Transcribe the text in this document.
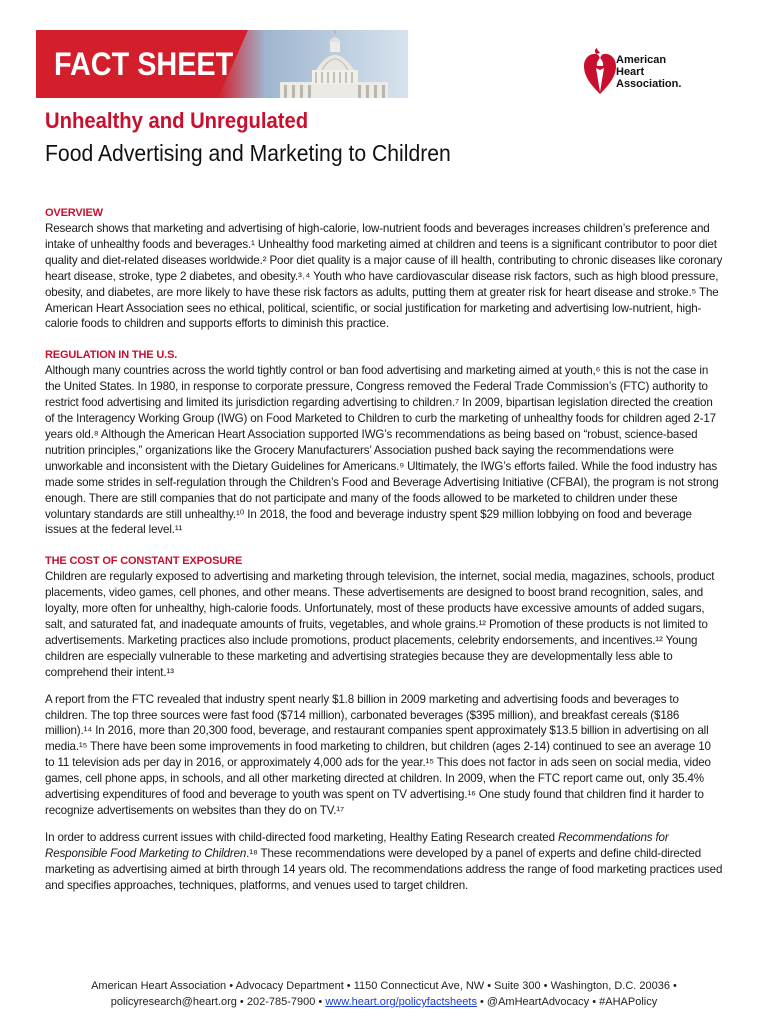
FACT SHEET	American
Heart
Association.
Unhealthy and Unregulated
Food Advertising and Marketing to Children
OVERVIEW

Research shows that marketing and advertising of high-calorie, low-nutrient foods and beverages increases children’s preference and intake of unhealthy foods and beverages.¹ Unhealthy food marketing aimed at children and teens is a significant contributor to poor diet quality and diet-related diseases worldwide.² Poor diet quality is a major cause of ill health, contributing to chronic diseases like coronary heart disease, stroke, type 2 diabetes, and obesity.³˒⁴ Youth who have cardiovascular disease risk factors, such as high blood pressure, obesity, and diabetes, are more likely to have these risk factors as adults, putting them at greater risk for heart disease and stroke.⁵ The American Heart Association sees no ethical, political, scientific, or social justification for marketing and advertising low-nutrient, high-calorie foods to children and supports efforts to diminish this practice.

REGULATION IN THE U.S.

Although many countries across the world tightly control or ban food advertising and marketing aimed at youth,⁶ this is not the case in the United States. In 1980, in response to corporate pressure, Congress removed the Federal Trade Commission’s (FTC) authority to restrict food advertising and limited its jurisdiction regarding advertising to children.⁷ In 2009, bipartisan legislation directed the creation of the Interagency Working Group (IWG) on Food Marketed to Children to curb the marketing of unhealthy foods for children aged 2-17 years old.⁸ Although the American Heart Association supported IWG’s recommendations as being based on “robust, science-based nutrition principles,” organizations like the Grocery Manufacturers’ Association pushed back saying the recommendations were unworkable and inconsistent with the Dietary Guidelines for Americans.⁹ Ultimately, the IWG’s efforts failed. While the food industry has made some strides in self-regulation through the Children’s Food and Beverage Advertising Initiative (CFBAI), the program is not strong enough. There are still companies that do not participate and many of the foods allowed to be marketed to children under these voluntary standards are still unhealthy.¹⁰ In 2018, the food and beverage industry spent $29 million lobbying on food and beverage issues at the federal level.¹¹

THE COST OF CONSTANT EXPOSURE

Children are regularly exposed to advertising and marketing through television, the internet, social media, magazines, schools, product placements, video games, cell phones, and other means. These advertisements are designed to boost brand recognition, sales, and loyalty, more often for unhealthy, high-calorie foods. Unfortunately, most of these products have excessive amounts of added sugars, salt, and saturated fat, and inadequate amounts of fruits, vegetables, and whole grains.¹² Promotion of these products is not limited to advertisements. Marketing practices also include promotions, product placements, celebrity endorsements, and incentives.¹² Young children are especially vulnerable to these marketing and advertising strategies because they are developmentally less able to comprehend their intent.¹³

A report from the FTC revealed that industry spent nearly $1.8 billion in 2009 marketing and advertising foods and beverages to children. The top three sources were fast food ($714 million), carbonated beverages ($395 million), and breakfast cereals ($186 million).¹⁴ In 2016, more than 20,300 food, beverage, and restaurant companies spent approximately $13.5 billion in advertising on all media.¹⁵ There have been some improvements in food marketing to children, but children (ages 2-14) continued to see an average 10 to 11 television ads per day in 2016, or approximately 4,000 ads for the year.¹⁵ This does not factor in ads seen on social media, video games, cell phone apps, in schools, and all other marketing directed at children. In 2009, when the FTC report came out, only 35.4% advertising expenditures of food and beverage to youth was spent on TV advertising.¹⁶ One study found that children find it harder to recognize advertisements on websites than they do on TV.¹⁷

In order to address current issues with child-directed food marketing, Healthy Eating Research created Recommendations for Responsible Food Marketing to Children.¹⁸ These recommendations were developed by a panel of experts and define child-directed marketing as advertising aimed at birth through 14 years old. The recommendations address the range of food marketing practices used and specifies approaches, techniques, platforms, and venues used to target children.

American Heart Association • Advocacy Department • 1150 Connecticut Ave, NW • Suite 300 • Washington, D.C. 20036 •
policyresearch@heart.org • 202-785-7900 • www.heart.org/policyfactsheets • @AmHeartAdvocacy • #AHAPolicy
